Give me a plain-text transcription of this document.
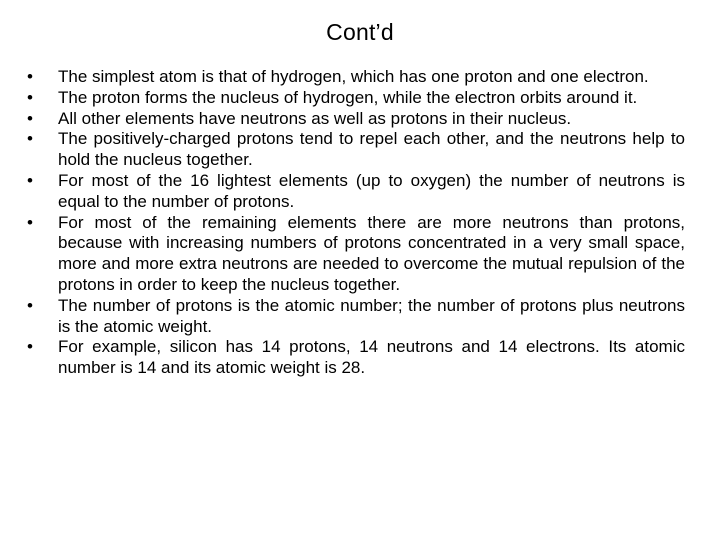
Cont’d
•	The simplest atom is that of hydrogen, which has one proton and one electron.
•	The proton forms the nucleus of hydrogen, while the electron orbits around it.
•	All other elements have neutrons as well as protons in their nucleus.
•	The positively-charged protons tend to repel each other, and the neutrons help to hold the nucleus together.
•	For most of the 16 lightest elements (up to oxygen) the number of neutrons is equal to the number of protons.
•	For most of the remaining elements there are more neutrons than protons, because with increasing numbers of protons concentrated in a very small space, more and more extra neutrons are needed to overcome the mutual repulsion of the protons in order to keep the nucleus together.
•	The number of protons is the atomic number; the number of protons plus neutrons is the atomic weight.
•	For example, silicon has 14 protons, 14 neutrons and 14 electrons. Its atomic number is 14 and its atomic weight is 28.
